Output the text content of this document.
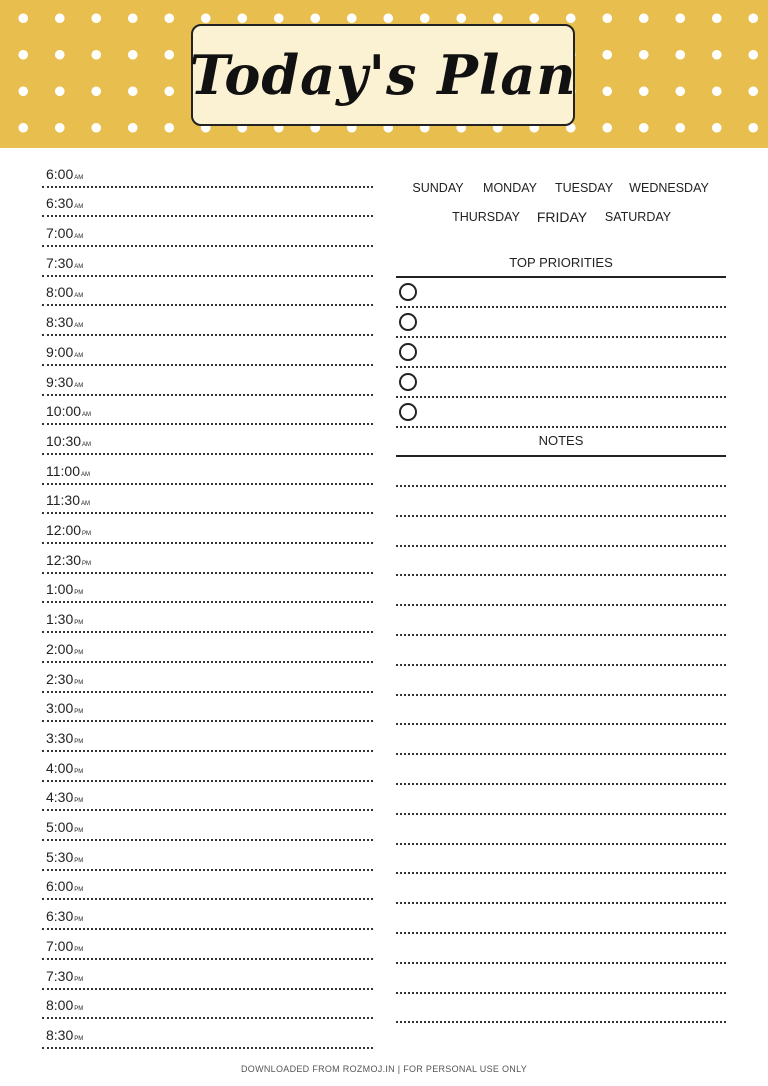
Today's Plan
6:00AM
6:30AM
7:00AM
7:30AM
8:00AM
8:30AM
9:00AM
9:30AM
10:00AM
10:30AM
11:00AM
11:30AM
12:00PM
12:30PM
1:00PM
1:30PM
2:00PM
2:30PM
3:00PM
3:30PM
4:00PM
4:30PM
5:00PM
5:30PM
6:00PM
6:30PM
7:00PM
7:30PM
8:00PM
8:30PM
SUNDAY MONDAY TUESDAY WEDNESDAY
THURSDAY FRIDAY SATURDAY
TOP PRIORITIES
NOTES
DOWNLOADED FROM ROZMOJ.IN | FOR PERSONAL USE ONLY
